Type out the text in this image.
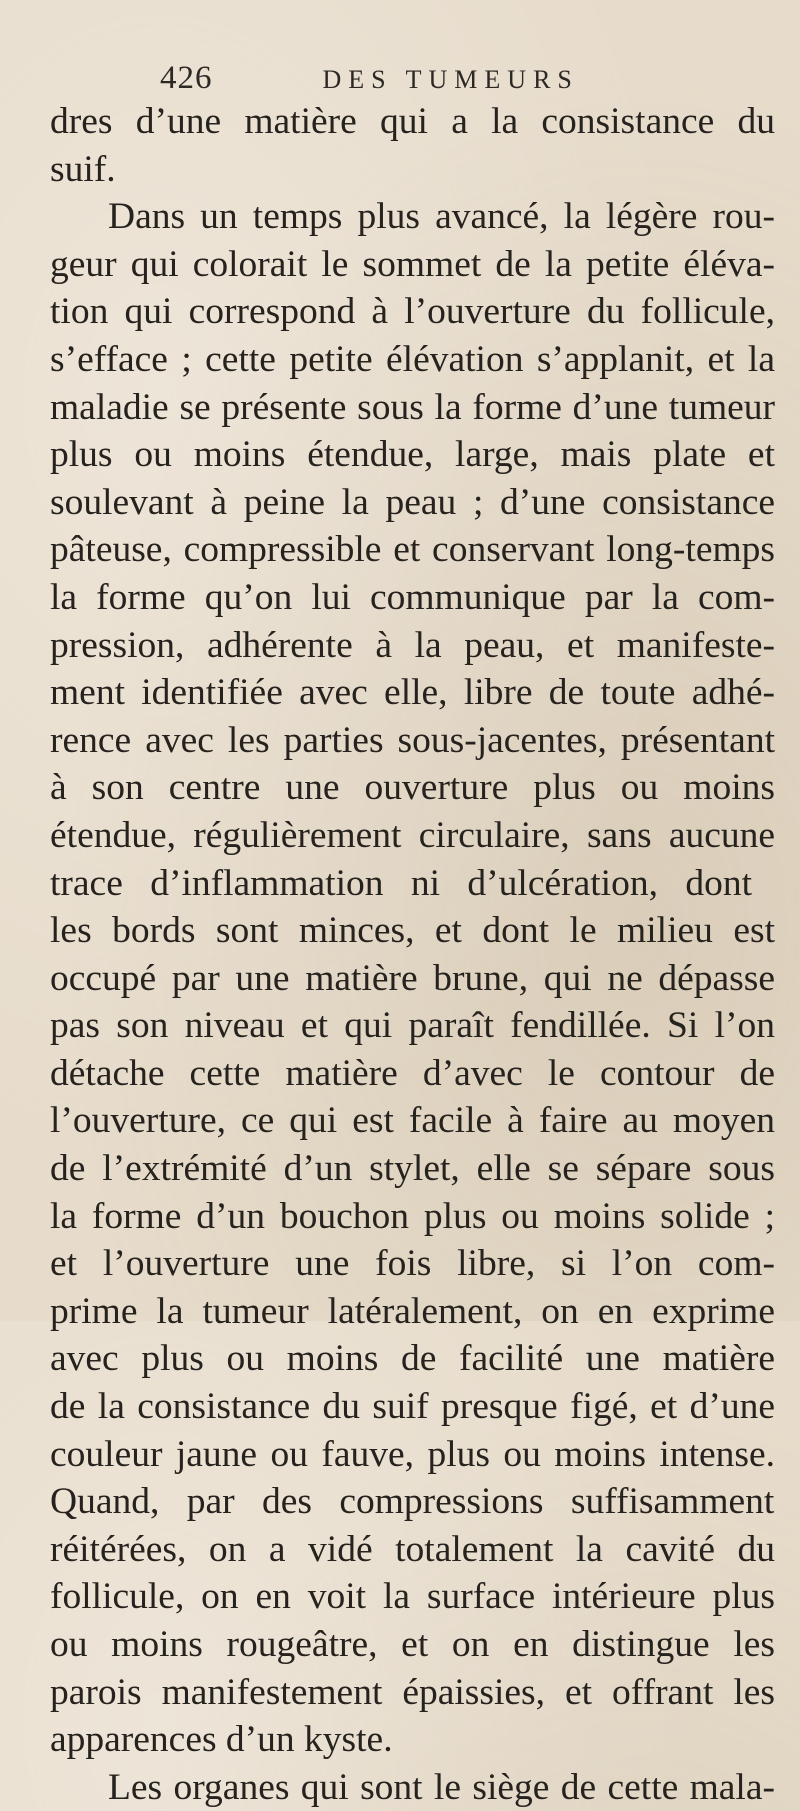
426	DES TUMEURS
dres d’une matière qui a la consistance du
suif.
Dans un temps plus avancé, la légère rou-
geur qui colorait le sommet de la petite éléva-
tion qui correspond à l’ouverture du follicule,
s’efface ; cette petite élévation s’applanit, et la
maladie se présente sous la forme d’une tumeur
plus ou moins étendue, large, mais plate et
soulevant à peine la peau ; d’une consistance
pâteuse, compressible et conservant long-temps
la forme qu’on lui communique par la com-
pression, adhérente à la peau, et manifeste-
ment identifiée avec elle, libre de toute adhé-
rence avec les parties sous-jacentes, présentant
à son centre une ouverture plus ou moins
étendue, régulièrement circulaire, sans aucune
trace d’inflammation ni d’ulcération, dont
les bords sont minces, et dont le milieu est
occupé par une matière brune, qui ne dépasse
pas son niveau et qui paraît fendillée. Si l’on
détache cette matière d’avec le contour de
l’ouverture, ce qui est facile à faire au moyen
de l’extrémité d’un stylet, elle se sépare sous
la forme d’un bouchon plus ou moins solide ;
et l’ouverture une fois libre, si l’on com-
prime la tumeur latéralement, on en exprime
avec plus ou moins de facilité une matière
de la consistance du suif presque figé, et d’une
couleur jaune ou fauve, plus ou moins intense.
Quand, par des compressions suffisamment
réitérées, on a vidé totalement la cavité du
follicule, on en voit la surface intérieure plus
ou moins rougeâtre, et on en distingue les
parois manifestement épaissies, et offrant les
apparences d’un kyste.
Les organes qui sont le siège de cette mala-
